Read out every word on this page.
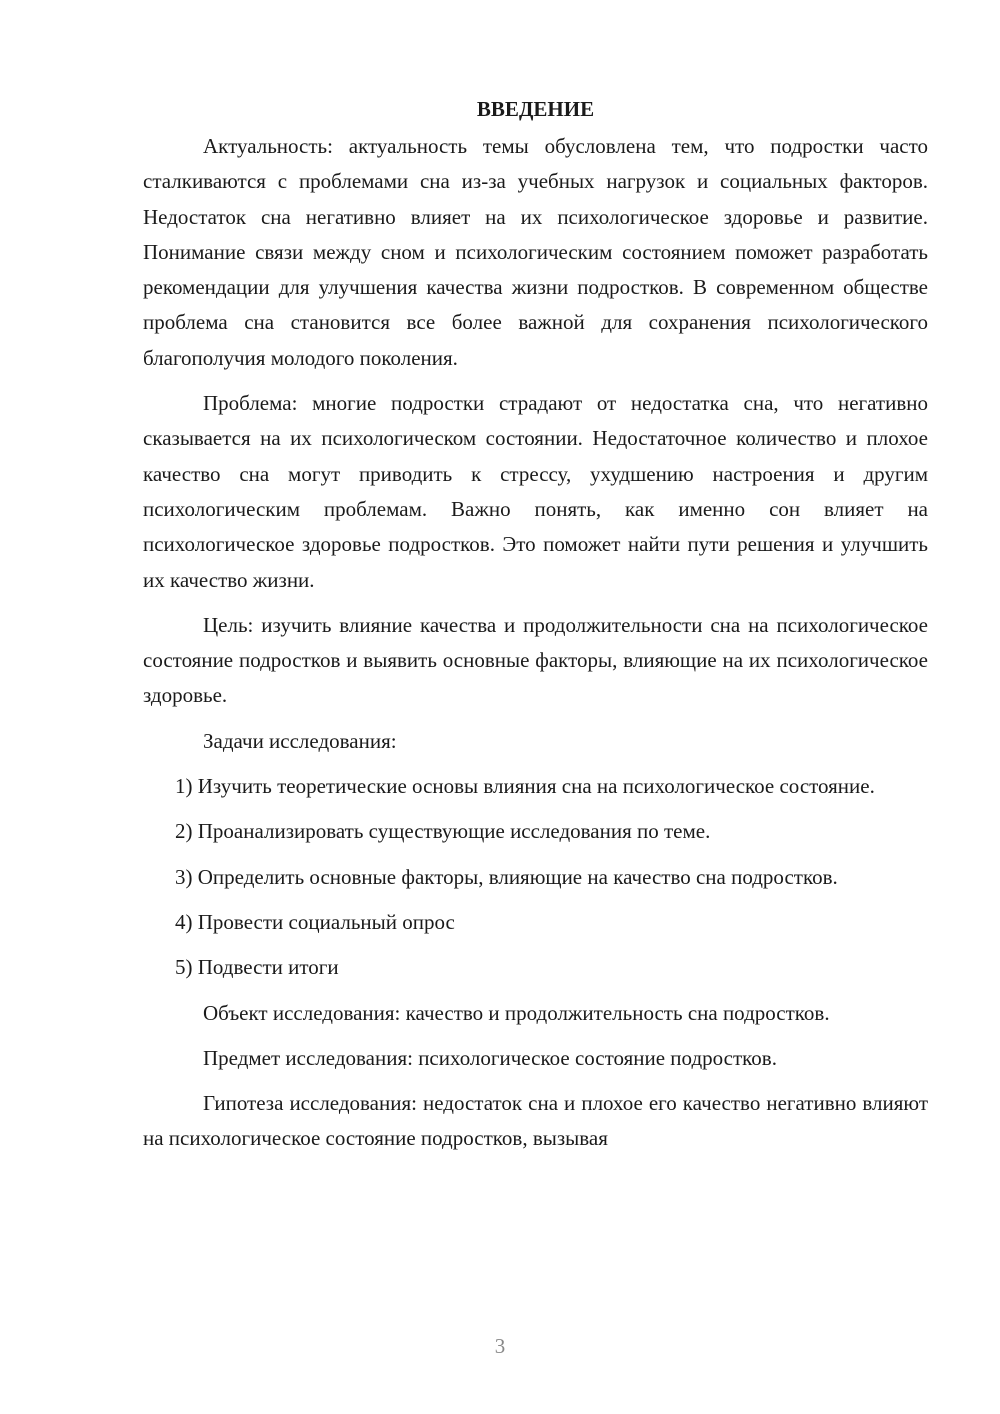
ВВЕДЕНИЕ

Актуальность: актуальность темы обусловлена тем, что подростки часто сталкиваются с проблемами сна из-за учебных нагрузок и социальных факторов. Недостаток сна негативно влияет на их психологическое здоровье и развитие. Понимание связи между сном и психологическим состоянием поможет разработать рекомендации для улучшения качества жизни подростков. В современном обществе проблема сна становится все более важной для сохранения психологического благополучия молодого поколения.

Проблема: многие подростки страдают от недостатка сна, что негативно сказывается на их психологическом состоянии. Недостаточное количество и плохое качество сна могут приводить к стрессу, ухудшению настроения и другим психологическим проблемам. Важно понять, как именно сон влияет на психологическое здоровье подростков. Это поможет найти пути решения и улучшить их качество жизни.

Цель: изучить влияние качества и продолжительности сна на психологическое состояние подростков и выявить основные факторы, влияющие на их психологическое здоровье.

Задачи исследования:

1) Изучить теоретические основы влияния сна на психологическое состояние.

2) Проанализировать существующие исследования по теме.

3) Определить основные факторы, влияющие на качество сна подростков.

4) Провести социальный опрос

5) Подвести итоги

Объект исследования: качество и продолжительность сна подростков.

Предмет исследования: психологическое состояние подростков.

Гипотеза исследования: недостаток сна и плохое его качество негативно влияют на психологическое состояние подростков, вызывая

3
